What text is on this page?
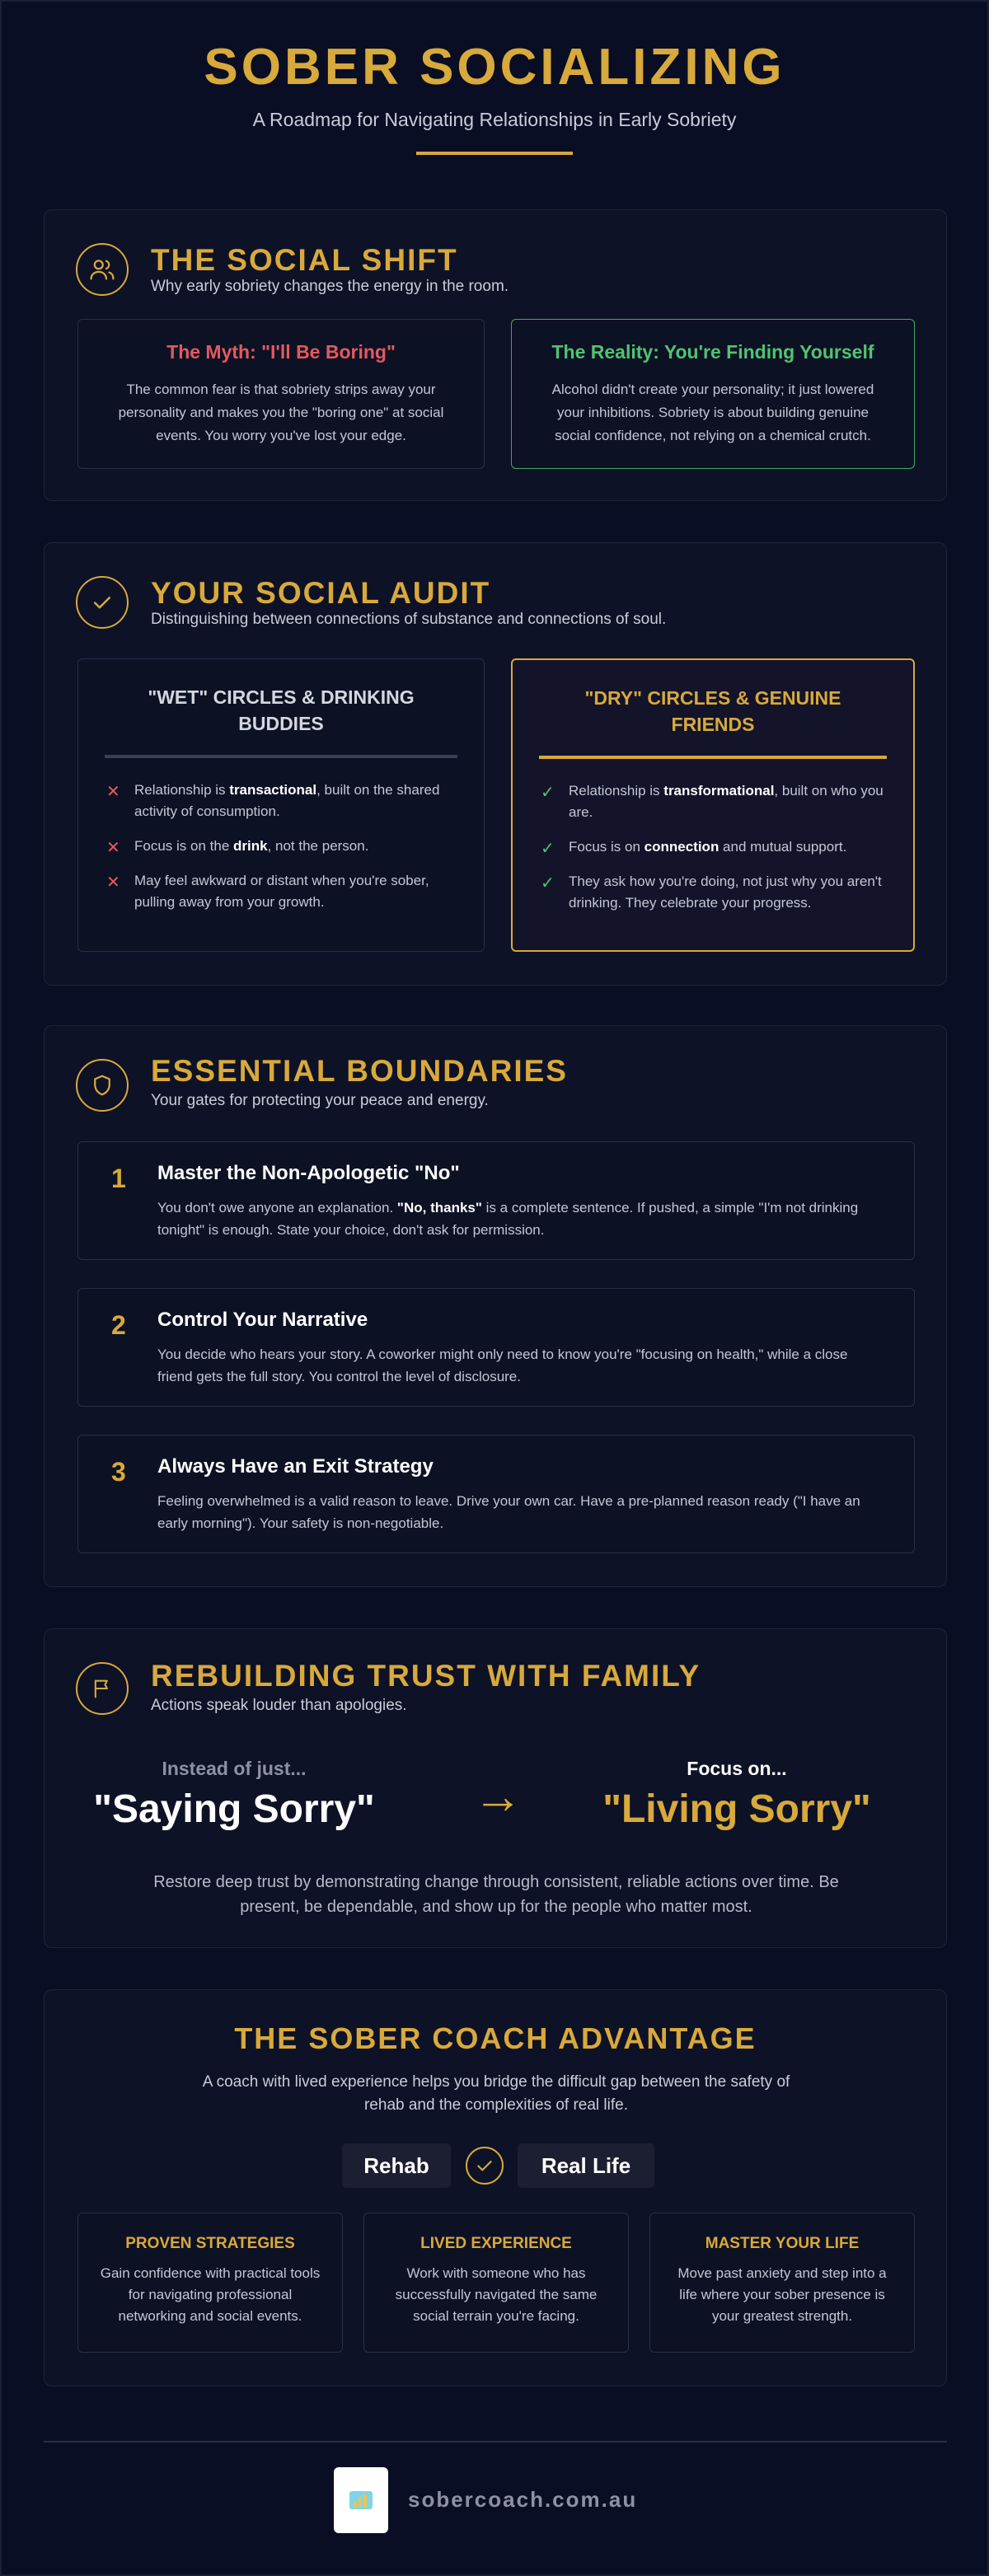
SOBER SOCIALIZING
A Roadmap for Navigating Relationships in Early Sobriety
THE SOCIAL SHIFT
Why early sobriety changes the energy in the room.
The Myth: "I'll Be Boring"

The common fear is that sobriety strips away your personality and makes you the "boring one" at social events. You worry you've lost your edge.

The Reality: You're Finding Yourself

Alcohol didn't create your personality; it just lowered your inhibitions. Sobriety is about building genuine social confidence, not relying on a chemical crutch.

YOUR SOCIAL AUDIT
Distinguishing between connections of substance and connections of soul.
"WET" CIRCLES & DRINKING BUDDIES
✕ Relationship is transactional, built on the shared activity of consumption.
✕ Focus is on the drink, not the person.
✕ May feel awkward or distant when you're sober, pulling away from your growth.
"DRY" CIRCLES & GENUINE FRIENDS
✓ Relationship is transformational, built on who you are.
✓ Focus is on connection and mutual support.
✓ They ask how you're doing, not just why you aren't drinking. They celebrate your progress.
ESSENTIAL BOUNDARIES
Your gates for protecting your peace and energy.
1 Master the Non-Apologetic "No"
You don't owe anyone an explanation. "No, thanks" is a complete sentence. If pushed, a simple "I'm not drinking tonight" is enough. State your choice, don't ask for permission.
2 Control Your Narrative
You decide who hears your story. A coworker might only need to know you're "focusing on health," while a close friend gets the full story. You control the level of disclosure.
3 Always Have an Exit Strategy
Feeling overwhelmed is a valid reason to leave. Drive your own car. Have a pre-planned reason ready ("I have an early morning"). Your safety is non-negotiable.
REBUILDING TRUST WITH FAMILY
Actions speak louder than apologies.
Instead of just...
"Saying Sorry"	→	Focus on...
"Living Sorry"

Restore deep trust by demonstrating change through consistent, reliable actions over time. Be present, be dependable, and show up for the people who matter most.

THE SOBER COACH ADVANTAGE

A coach with lived experience helps you bridge the difficult gap between the safety of rehab and the complexities of real life.

Rehab	Real Life
PROVEN STRATEGIES

Gain confidence with practical tools for navigating professional networking and social events.

LIVED EXPERIENCE

Work with someone who has successfully navigated the same social terrain you're facing.

MASTER YOUR LIFE

Move past anxiety and step into a life where your sober presence is your greatest strength.

sobercoach.com.au
